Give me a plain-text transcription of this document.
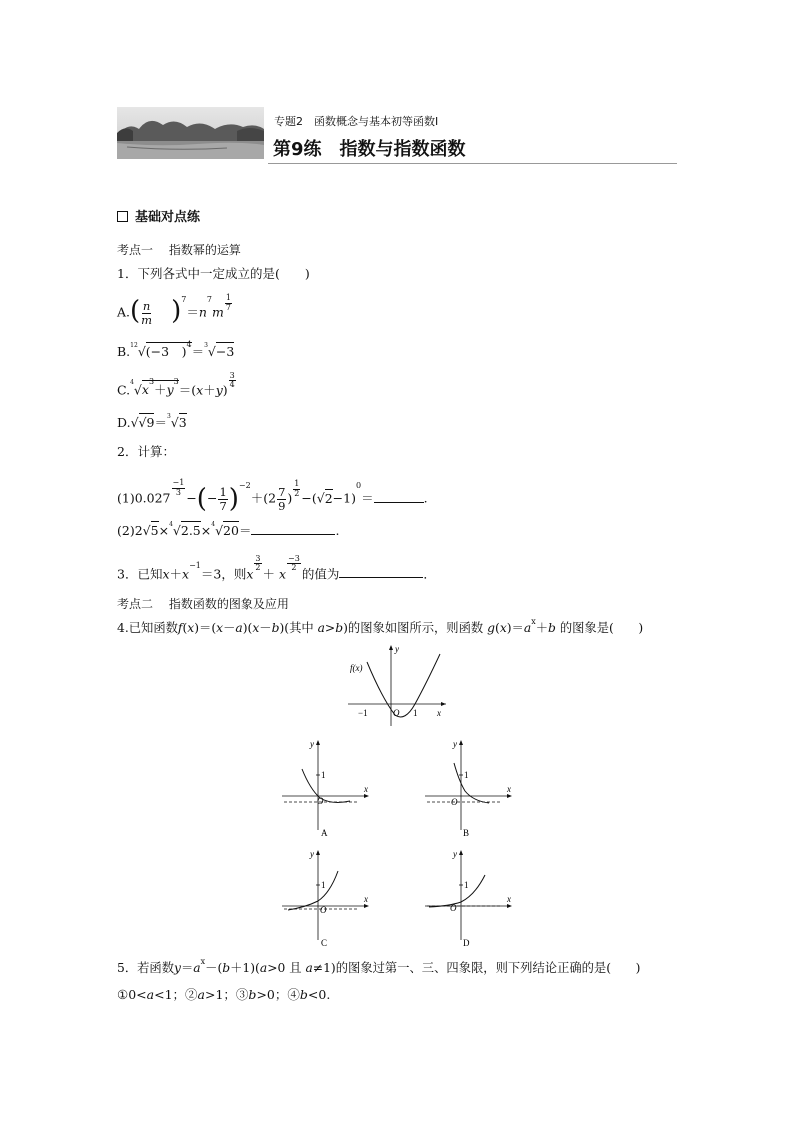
专题2　函数概念与基本初等函数Ⅰ
第9练　指数与指数函数
基础对点练
考点一　 指数幂的运算
1．下列各式中一定成立的是(　　)
$A.( \frac{n}{m} )^7=n^7m$
$\frac{1}{7}$
B.$^{12}$√(−3　)$^4$＝$^3$√−3
$C.^4√x^3+y^3=(x+y)$
$\frac{3}{4}$
D.√√9＝$^3$√3
2．计算：
(1)0.027
$\frac{-1}{3}$
−(− $\frac{1}{7} )^{-2}+(2 \frac{7}{9}$ )
$\frac{1}{2}$
$-(√2-1)^0=$	.
(2)2√5×$^4$√2.5×$^4$√20＝	.
3．已知$x+x^{-1}=3$，则x
$\frac{3}{2}$
＋ x
$\frac{-3}{2}$
的值为	．
考点二　 指数函数的图象及应用
4.已知函数f(x)＝(x－a)(x－b)(其中 a>b)的图象如图所示，则函数 $g(x)=a^x+b$ 的图象是(　　)
f(x)
y
x
−1	O 1
y
x
1
O
A
y
x
1
O
B
y
x
1
O
C
y
x
1
O
D
5．若函数$y=a^x-(b+1)(a>0$ 且 a≠1)的图象过第一、三、四象限，则下列结论正确的是(　　)
①0<a<1；②a>1；③b>0；④b<0.
